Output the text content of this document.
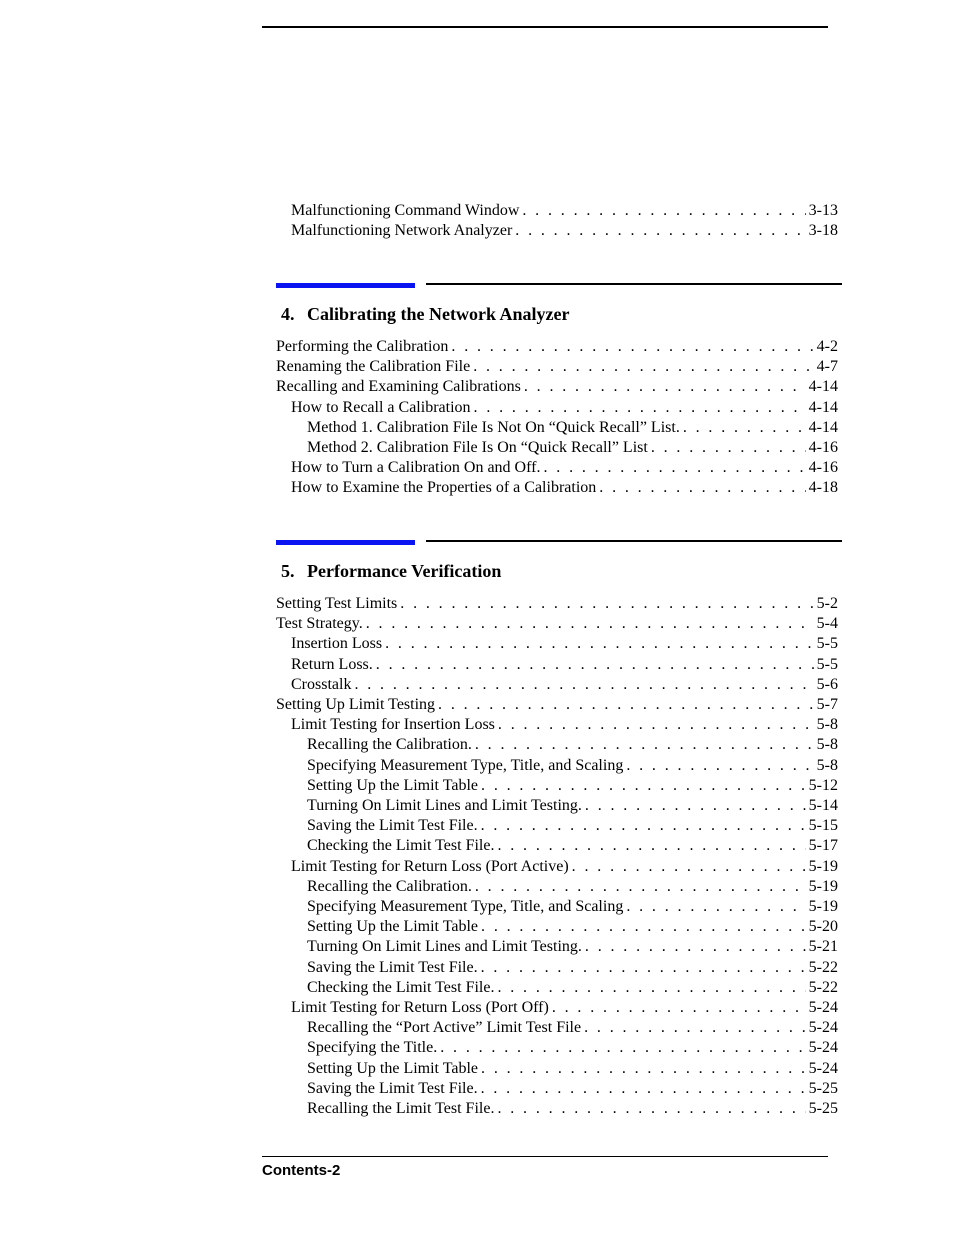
Malfunctioning Command Window . . .	3-13
Malfunctioning Network Analyzer . . .	3-18
4. Calibrating the Network Analyzer
Performing the Calibration . . .	4-2
Renaming the Calibration File . . .	4-7
Recalling and Examining Calibrations . . .	4-14
How to Recall a Calibration . . .	4-14
Method 1. Calibration File Is Not On “Quick Recall” List. . . .	4-14
Method 2. Calibration File Is On “Quick Recall” List . . .	4-16
How to Turn a Calibration On and Off. . . .	4-16
How to Examine the Properties of a Calibration . . .	4-18
5. Performance Verification
Setting Test Limits . . .	5-2
Test Strategy. . . .	5-4
Insertion Loss . . .	5-5
Return Loss. . . .	5-5
Crosstalk . . .	5-6
Setting Up Limit Testing . . .	5-7
Limit Testing for Insertion Loss . . .	5-8
Recalling the Calibration. . . .	5-8
Specifying Measurement Type, Title, and Scaling . . .	5-8
Setting Up the Limit Table . . .	5-12
Turning On Limit Lines and Limit Testing. . . .	5-14
Saving the Limit Test File. . . .	5-15
Checking the Limit Test File. . . .	5-17
Limit Testing for Return Loss (Port Active) . . .	5-19
Recalling the Calibration. . . .	5-19
Specifying Measurement Type, Title, and Scaling . . .	5-19
Setting Up the Limit Table . . .	5-20
Turning On Limit Lines and Limit Testing. . . .	5-21
Saving the Limit Test File. . . .	5-22
Checking the Limit Test File. . . .	5-22
Limit Testing for Return Loss (Port Off) . . .	5-24
Recalling the “Port Active” Limit Test File . . .	5-24
Specifying the Title. . . .	5-24
Setting Up the Limit Table . . .	5-24
Saving the Limit Test File. . . .	5-25
Recalling the Limit Test File. . . .	5-25
Contents-2
